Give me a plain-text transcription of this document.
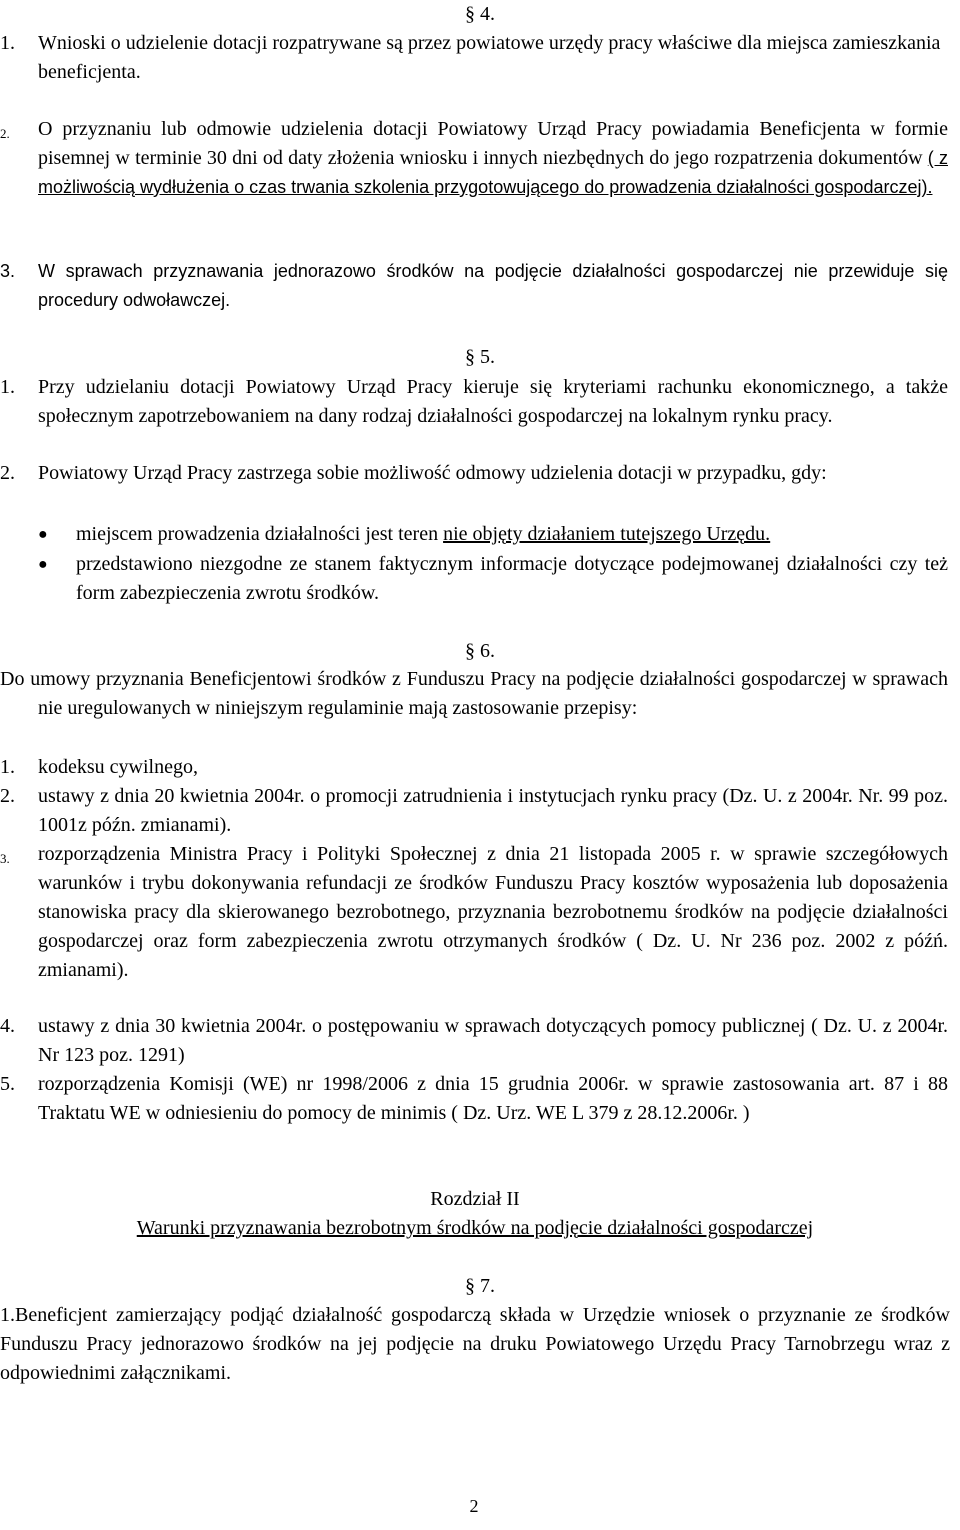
§ 4.
1. Wnioski o udzielenie dotacji rozpatrywane są przez powiatowe urzędy pracy właściwe dla miejsca zamieszkania beneficjenta.
2. O przyznaniu lub odmowie udzielenia dotacji Powiatowy Urząd Pracy powiadamia Beneficjenta w formie pisemnej w terminie 30 dni od daty złożenia wniosku i innych niezbędnych do jego rozpatrzenia dokumentów ( z możliwością wydłużenia o czas trwania szkolenia przygotowującego do prowadzenia działalności gospodarczej).
3. W sprawach przyznawania jednorazowo środków na podjęcie działalności gospodarczej nie przewiduje się procedury odwoławczej.
§ 5.
1. Przy udzielaniu dotacji Powiatowy Urząd Pracy kieruje się kryteriami rachunku ekonomicznego, a także społecznym zapotrzebowaniem na dany rodzaj działalności gospodarczej na lokalnym rynku pracy.
2. Powiatowy Urząd Pracy zastrzega sobie możliwość odmowy udzielenia dotacji w przypadku, gdy:
● miejscem prowadzenia działalności jest teren nie objęty działaniem tutejszego Urzędu.
● przedstawiono niezgodne ze stanem faktycznym informacje dotyczące podejmowanej działalności czy też form zabezpieczenia zwrotu środków.
§ 6.
Do umowy przyznania Beneficjentowi środków z Funduszu Pracy na podjęcie działalności gospodarczej w sprawach nie uregulowanych w niniejszym regulaminie mają zastosowanie przepisy:
1. kodeksu cywilnego,
2. ustawy z dnia 20 kwietnia 2004r. o promocji zatrudnienia i instytucjach rynku pracy (Dz. U. z 2004r. Nr. 99 poz. 1001z późn. zmianami).
3. rozporządzenia Ministra Pracy i Polityki Społecznej z dnia 21 listopada 2005 r. w sprawie szczegółowych warunków i trybu dokonywania refundacji ze środków Funduszu Pracy kosztów wyposażenia lub doposażenia stanowiska pracy dla skierowanego bezrobotnego, przyznania bezrobotnemu środków na podjęcie działalności gospodarczej oraz form zabezpieczenia zwrotu otrzymanych środków ( Dz. U. Nr 236 poz. 2002 z późń. zmianami).
4. ustawy z dnia 30 kwietnia 2004r. o postępowaniu w sprawach dotyczących pomocy publicznej ( Dz. U. z 2004r. Nr 123 poz. 1291)
5. rozporządzenia Komisji (WE) nr 1998/2006 z dnia 15 grudnia 2006r. w sprawie zastosowania art. 87 i 88 Traktatu WE w odniesieniu do pomocy de minimis ( Dz. Urz. WE L 379 z 28.12.2006r. )
Rozdział II
Warunki przyznawania bezrobotnym środków na podjęcie działalności gospodarczej
§ 7.
1.Beneficjent zamierzający podjąć działalność gospodarczą składa w Urzędzie wniosek o przyznanie ze środków Funduszu Pracy jednorazowo środków na jej podjęcie na druku Powiatowego Urzędu Pracy Tarnobrzegu wraz z odpowiednimi załącznikami.
2
